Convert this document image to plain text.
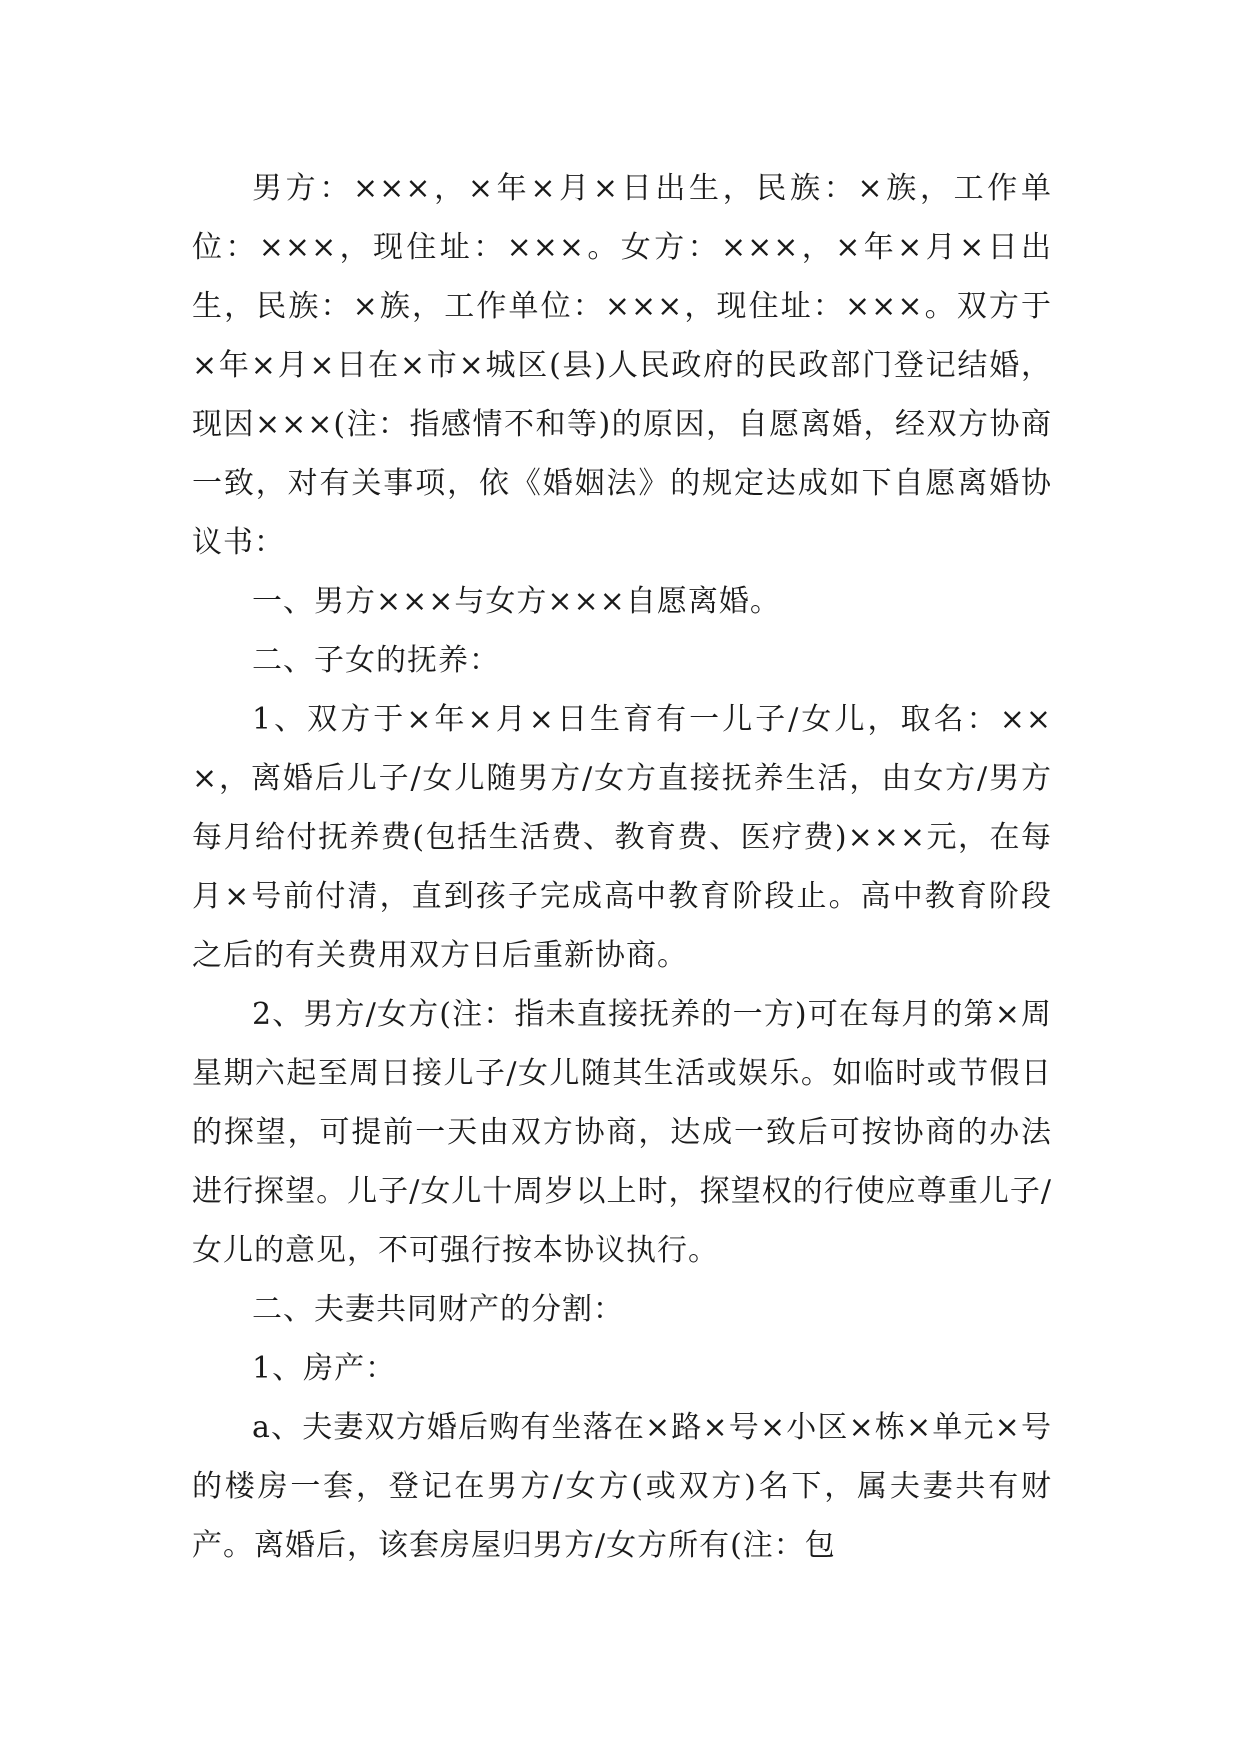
男方：×××，×年×月×日出生，民族：×族，工作单位：×××，现住址：×××。女方：×××，×年×月×日出生，民族：×族，工作单位：×××，现住址：×××。双方于×年×月×日在×市×城区(县)人民政府的民政部门登记结婚，现因×××(注：指感情不和等)的原因，自愿离婚，经双方协商一致，对有关事项，依《婚姻法》的规定达成如下自愿离婚协议书：

一、男方×××与女方×××自愿离婚。

二、子女的抚养：

1、双方于×年×月×日生育有一儿子/女儿，取名：×××，离婚后儿子/女儿随男方/女方直接抚养生活，由女方/男方每月给付抚养费(包括生活费、教育费、医疗费)×××元，在每月×号前付清，直到孩子完成高中教育阶段止。高中教育阶段之后的有关费用双方日后重新协商。

2、男方/女方(注：指未直接抚养的一方)可在每月的第×周星期六起至周日接儿子/女儿随其生活或娱乐。如临时或节假日的探望，可提前一天由双方协商，达成一致后可按协商的办法进行探望。儿子/女儿十周岁以上时，探望权的行使应尊重儿子/女儿的意见，不可强行按本协议执行。

二、夫妻共同财产的分割：

1、房产：

a、夫妻双方婚后购有坐落在×路×号×小区×栋×单元×号的楼房一套，登记在男方/女方(或双方)名下，属夫妻共有财产。离婚后，该套房屋归男方/女方所有(注：包
